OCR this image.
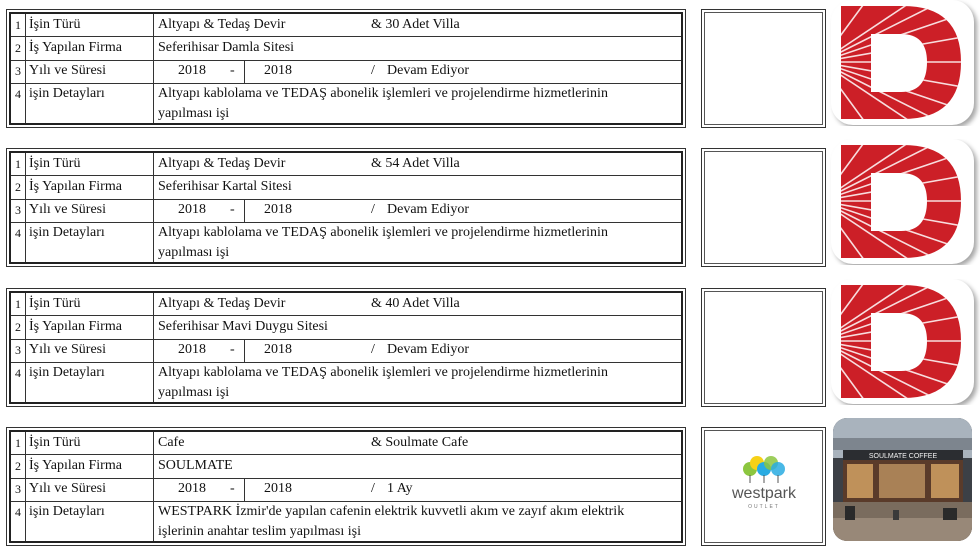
1 İşin Türü	Altyapı & Tedaş Devir	& 30 Adet Villa
2 İş Yapılan Firma	Seferihisar Damla Sitesi
3 Yılı ve Süresi	2018 - 2018	/ Devam Ediyor
4 işin Detayları	Altyapı kablolama ve TEDAŞ abonelik işlemleri ve projelendirme hizmetlerinin
yapılması işi
1 İşin Türü	Altyapı & Tedaş Devir	& 54 Adet Villa
2 İş Yapılan Firma	Seferihisar Kartal Sitesi
3 Yılı ve Süresi	2018 - 2018	/ Devam Ediyor
4 işin Detayları	Altyapı kablolama ve TEDAŞ abonelik işlemleri ve projelendirme hizmetlerinin
yapılması işi
1 İşin Türü	Altyapı & Tedaş Devir	& 40 Adet Villa
2 İş Yapılan Firma	Seferihisar Mavi Duygu Sitesi
3 Yılı ve Süresi	2018 - 2018	/ Devam Ediyor
4 işin Detayları	Altyapı kablolama ve TEDAŞ abonelik işlemleri ve projelendirme hizmetlerinin
yapılması işi
1 İşin Türü	Cafe	& Soulmate Cafe
2 İş Yapılan Firma	SOULMATE
3 Yılı ve Süresi	2018 - 2018	/ 1 Ay
4 işin Detayları	WESTPARK İzmir'de yapılan cafenin elektrik kuvvetli akım ve zayıf akım elektrik
işlerinin anahtar teslim yapılması işi
westpark
OUTLET
SOULMATE COFFEE
